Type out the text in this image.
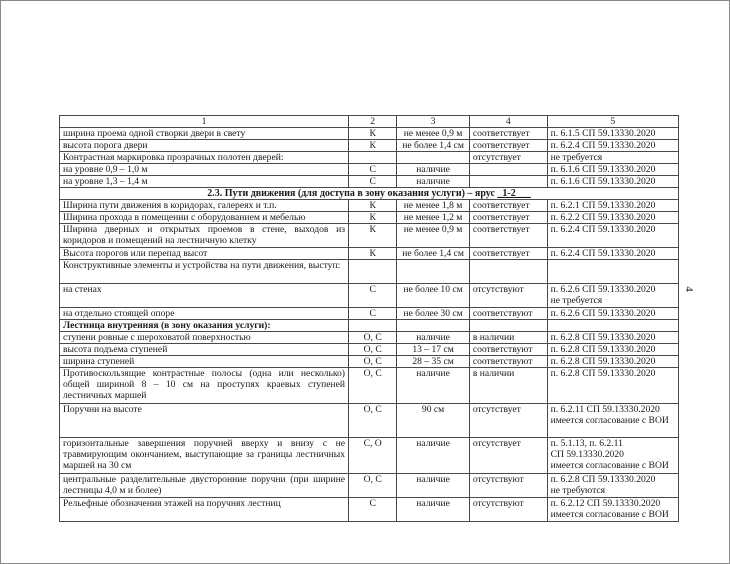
4
1	2	3	4	5
ширина проема одной створки двери в свету	К	не менее 0,9 м	соответствует	п. 6.1.5 СП 59.13330.2020

высота порога двери	К	не более 1,4 см	соответствует	п. 6.2.4 СП 59.13330.2020

Контрастная маркировка прозрачных полотен дверей:			отсутствует	не требуется

на уровне 0,9 – 1,0 м	С	наличие		п. 6.1.6 СП 59.13330.2020

на уровне 1,3 – 1,4 м	С	наличие		п. 6.1.6 СП 59.13330.2020

2.3. Пути движения (для доступа в зону оказания услуги) – ярус _1-2___				
Ширина пути движения в коридорах, галереях и т.п.	К	не менее 1,8 м	соответствует	п. 6.2.1 СП 59.13330.2020

Ширина прохода в помещении с оборудованием и мебелью	К	не менее 1,2 м	соответствует	п. 6.2.2 СП 59.13330.2020

Ширина дверных и открытых проемов в стене, выходов из коридоров и помещений на лестничную клетку	К	не менее 0,9 м	соответствует	п. 6.2.4 СП 59.13330.2020

Высота порогов или перепад высот	К	не более 1,4 см	соответствует	п. 6.2.4 СП 59.13330.2020

Конструктивные элементы и устройства на пути движения, выступ:				
на стенах	С	не более 10 см	отсутствуют	п. 6.2.6 СП 59.13330.2020
не требуется

на отдельно стоящей опоре	С	не более 30 см	соответствуют	п. 6.2.6 СП 59.13330.2020

Лестница внутренняя (в зону оказания услуги):				
ступени ровные с шероховатой поверхностью	О, С	наличие	в наличии	п. 6.2.8 СП 59.13330.2020

высота подъема ступеней	О, С	13 – 17 см	соответствуют	п. 6.2.8 СП 59.13330.2020

ширина ступеней	О, С	28 – 35 см	соответствуют	п. 6.2.8 СП 59.13330.2020

Противоскользящие контрастные полосы (одна или несколько) общей шириной 8 – 10 см на проступях краевых ступеней лестничных маршей	О, С	наличие	в наличии	п. 6.2.8 СП 59.13330.2020

Поручни на высоте	О, С	90 см	отсутствует	п. 6.2.11 СП 59.13330.2020
имеется согласование с ВОИ

горизонтальные завершения поручней вверху и внизу с не травмирующим окончанием, выступающие за границы лестничных маршей на 30 см	С, О	наличие	отсутствует	п. 5.1.13, п. 6.2.11
СП 59.13330.2020
имеется согласование с ВОИ

центральные разделительные двусторонние поручни (при ширине лестницы 4,0 м и более)	О, С	наличие	отсутствуют	п. 6.2.8 СП 59.13330.2020
не требуются

Рельефные обозначения этажей на поручнях лестниц	С	наличие	отсутствуют	п. 6.2.12 СП 59.13330.2020
имеется согласование с ВОИ
